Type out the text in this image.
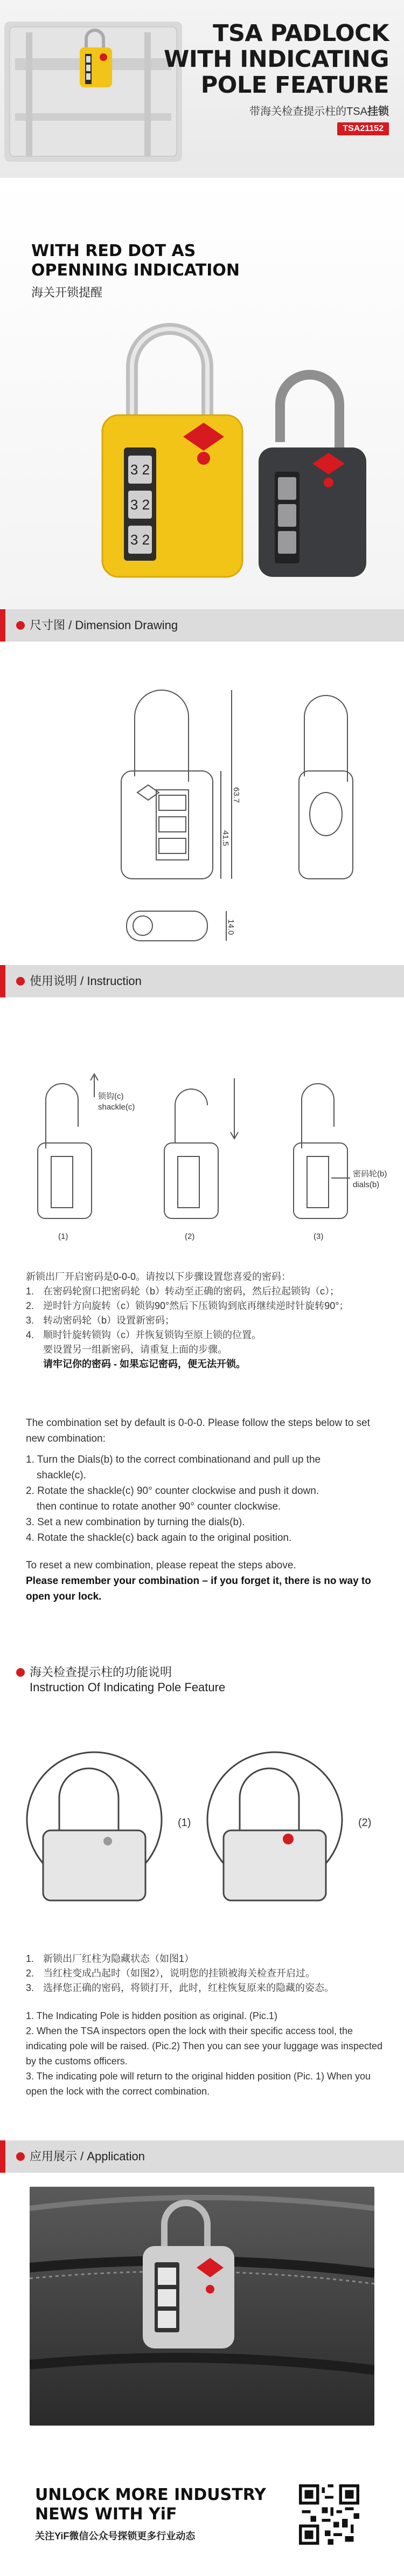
TSA PADLOCK
WITH INDICATING
POLE FEATURE
带海关检查提示柱的TSA挂锁
TSA21152
WITH RED DOT AS
OPENNING INDICATION
海关开锁提醒
3 2
3 2
3 2
尺寸图 / Dimension Drawing
41.5
63.7
14.0
使用说明 / Instruction
锁钩(c)
shackle(c)
密码轮(b)
dials(b)
(1)	(2)	(3)
新锁出厂开启密码是0-0-0。请按以下步骤设置您喜爱的密码：
1. 在密码轮窗口把密码轮（b）转动至正确的密码，然后拉起锁钩（c）；
2. 逆时针方向旋转（c）锁钩90°然后下压锁钩到底再继续逆时针旋转90°；
3. 转动密码轮（b）设置新密码；
4. 顺时针旋转锁钩（c）并恢复锁钩至原上锁的位置。
要设置另一组新密码，请重复上面的步骤。
请牢记你的密码 - 如果忘记密码，便无法开锁。
The combination set by default is 0-0-0. Please follow the steps below to set new combination:
1. Turn the Dials(b) to the correct combinationand and pull up the
shackle(c).
2. Rotate the shackle(c) 90° counter clockwise and push it down.
then continue to rotate another 90° counter clockwise.
3. Set a new combination by turning the dials(b).
4. Rotate the shackle(c) back again to the original position.
To reset a new combination, please repeat the steps above.
Please remember your combination – if you forget it, there is no way to open your lock.
海关检查提示柱的功能说明
Instruction Of Indicating Pole Feature
(1)	(2)
1. 新锁出厂红柱为隐藏状态（如图1）
2. 当红柱变成凸起时（如图2），说明您的挂锁被海关检查开启过。
3. 选择您正确的密码，将锁打开，此时，红柱恢复原来的隐藏的姿态。
1. The Indicating Pole is hidden position as original. (Pic.1)
2. When the TSA inspectors open the lock with their specific access tool, the indicating pole will be raised. (Pic.2) Then you can see your luggage was inspected by the customs officers.
3. The indicating pole will return to the original hidden position (Pic. 1) When you open the lock with the correct combination.
应用展示 / Application
UNLOCK MORE INDUSTRY
NEWS WITH YiF
关注YiF微信公众号探锁更多行业动态
